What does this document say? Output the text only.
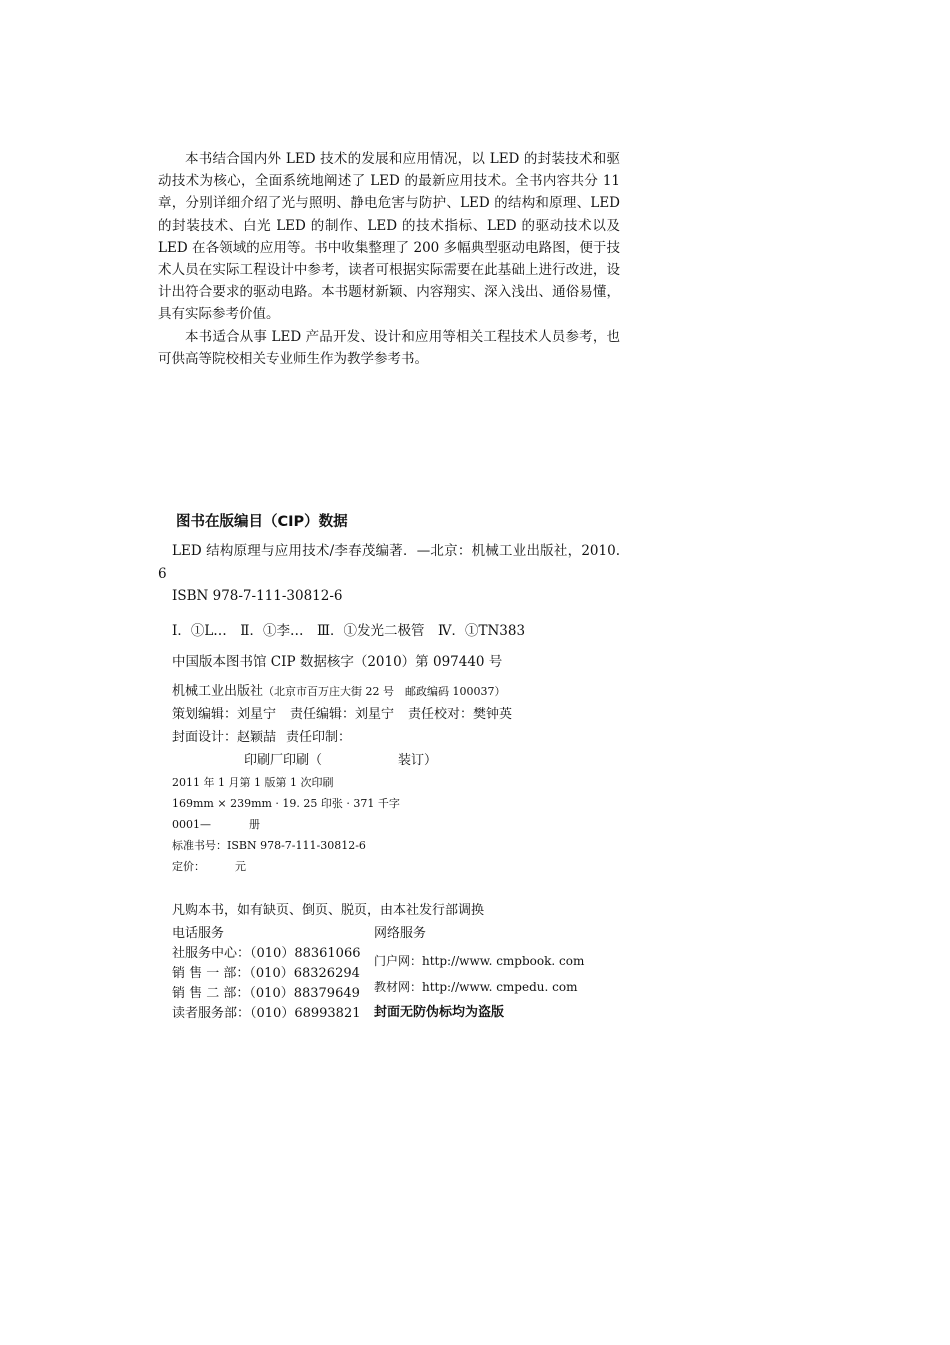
本书结合国内外 LED 技术的发展和应用情况，以 LED 的封装技术和驱动技术为核心，全面系统地阐述了 LED 的最新应用技术。全书内容共分 11 章，分别详细介绍了光与照明、静电危害与防护、LED 的结构和原理、LED 的封装技术、白光 LED 的制作、LED 的技术指标、LED 的驱动技术以及 LED 在各领域的应用等。书中收集整理了 200 多幅典型驱动电路图，便于技术人员在实际工程设计中参考，读者可根据实际需要在此基础上进行改进，设计出符合要求的驱动电路。本书题材新颖、内容翔实、深入浅出、通俗易懂，具有实际参考价值。

本书适合从事 LED 产品开发、设计和应用等相关工程技术人员参考，也可供高等院校相关专业师生作为教学参考书。

图书在版编目（CIP）数据

LED 结构原理与应用技术/李春茂编著．—北京：机械工业出版社，2010. 6

ISBN 978-7-111-30812-6

Ⅰ．①L…　Ⅱ．①李…　Ⅲ．①发光二极管　Ⅳ．①TN383

中国版本图书馆 CIP 数据核字（2010）第 097440 号

机械工业出版社（北京市百万庄大街 22 号　邮政编码 100037）

策划编辑：刘星宁 责任编辑：刘星宁 责任校对：樊钟英

封面设计：赵颖喆 责任印制：

印刷厂印刷（	装订）

2011 年 1 月第 1 版第 1 次印刷

169mm × 239mm · 19. 25 印张 · 371 千字

0001—	册

标准书号：ISBN 978-7-111-30812-6

定价：	元

凡购本书，如有缺页、倒页、脱页，由本社发行部调换

电话服务

社服务中心：（010）88361066

销 售 一 部：（010）68326294

销 售 二 部：（010）88379649

读者服务部：（010）68993821

网络服务

门户网：http://www. cmpbook. com

教材网：http://www. cmpedu. com

封面无防伪标均为盗版
